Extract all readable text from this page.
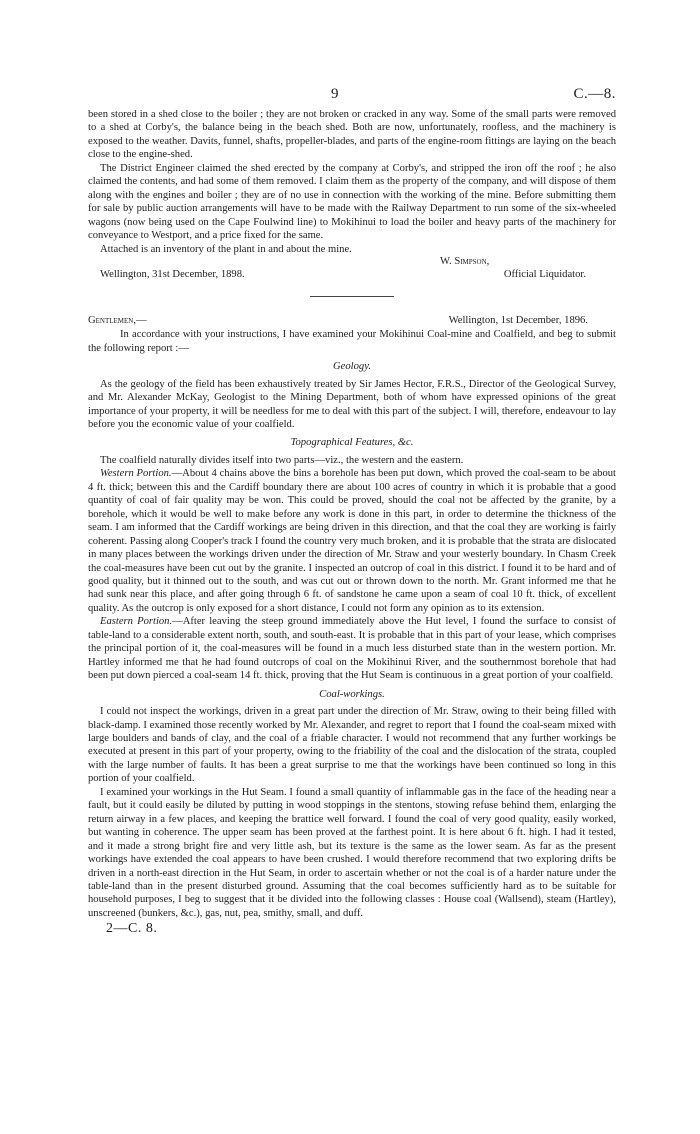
9	C.—8.

been stored in a shed close to the boiler ; they are not broken or cracked in any way. Some of the small parts were removed to a shed at Corby's, the balance being in the beach shed. Both are now, unfortunately, roofless, and the machinery is exposed to the weather. Davits, funnel, shafts, propeller-blades, and parts of the engine-room fittings are laying on the beach close to the engine-shed.

The District Engineer claimed the shed erected by the company at Corby's, and stripped the iron off the roof ; he also claimed the contents, and had some of them removed. I claim them as the property of the company, and will dispose of them along with the engines and boiler ; they are of no use in connection with the working of the mine. Before submitting them for sale by public auction arrangements will have to be made with the Railway Department to run some of the six-wheeled wagons (now being used on the Cape Foulwind line) to Mokihinui to load the boiler and heavy parts of the machinery for conveyance to Westport, and a price fixed for the same.

Attached is an inventory of the plant in and about the mine.

W. Simpson,
Wellington, 31st December, 1898.	Official Liquidator.
Gentlemen,—	Wellington, 1st December, 1896.

In accordance with your instructions, I have examined your Mokihinui Coal-mine and Coalfield, and beg to submit the following report :—

Geology.

As the geology of the field has been exhaustively treated by Sir James Hector, F.R.S., Director of the Geological Survey, and Mr. Alexander McKay, Geologist to the Mining Department, both of whom have expressed opinions of the great importance of your property, it will be needless for me to deal with this part of the subject. I will, therefore, endeavour to lay before you the economic value of your coalfield.

Topographical Features, &c.

The coalfield naturally divides itself into two parts—viz., the western and the eastern.

Western Portion.—About 4 chains above the bins a borehole has been put down, which proved the coal-seam to be about 4 ft. thick; between this and the Cardiff boundary there are about 100 acres of country in which it is probable that a good quantity of coal of fair quality may be won. This could be proved, should the coal not be affected by the granite, by a borehole, which it would be well to make before any work is done in this part, in order to determine the thickness of the seam. I am informed that the Cardiff workings are being driven in this direction, and that the coal they are working is fairly coherent. Passing along Cooper's track I found the country very much broken, and it is probable that the strata are dislocated in many places between the workings driven under the direction of Mr. Straw and your westerly boundary. In Chasm Creek the coal-measures have been cut out by the granite. I inspected an outcrop of coal in this district. I found it to be hard and of good quality, but it thinned out to the south, and was cut out or thrown down to the north. Mr. Grant informed me that he had sunk near this place, and after going through 6 ft. of sandstone he came upon a seam of coal 10 ft. thick, of excellent quality. As the outcrop is only exposed for a short distance, I could not form any opinion as to its extension.

Eastern Portion.—After leaving the steep ground immediately above the Hut level, I found the surface to consist of table-land to a considerable extent north, south, and south-east. It is probable that in this part of your lease, which comprises the principal portion of it, the coal-measures will be found in a much less disturbed state than in the western portion. Mr. Hartley informed me that he had found outcrops of coal on the Mokihinui River, and the southernmost borehole that had been put down pierced a coal-seam 14 ft. thick, proving that the Hut Seam is continuous in a great portion of your coalfield.

Coal-workings.

I could not inspect the workings, driven in a great part under the direction of Mr. Straw, owing to their being filled with black-damp. I examined those recently worked by Mr. Alexander, and regret to report that I found the coal-seam mixed with large boulders and bands of clay, and the coal of a friable character. I would not recommend that any further workings be executed at present in this part of your property, owing to the friability of the coal and the dislocation of the strata, coupled with the large number of faults. It has been a great surprise to me that the workings have been continued so long in this portion of your coalfield.

I examined your workings in the Hut Seam. I found a small quantity of inflammable gas in the face of the heading near a fault, but it could easily be diluted by putting in wood stoppings in the stentons, stowing refuse behind them, enlarging the return airway in a few places, and keeping the brattice well forward. I found the coal of very good quality, easily worked, but wanting in coherence. The upper seam has been proved at the farthest point. It is here about 6 ft. high. I had it tested, and it made a strong bright fire and very little ash, but its texture is the same as the lower seam. As far as the present workings have extended the coal appears to have been crushed. I would therefore recommend that two exploring drifts be driven in a north-east direction in the Hut Seam, in order to ascertain whether or not the coal is of a harder nature under the table-land than in the present disturbed ground. Assuming that the coal becomes sufficiently hard as to be suitable for household purposes, I beg to suggest that it be divided into the following classes : House coal (Wallsend), steam (Hartley), unscreened (bunkers, &c.), gas, nut, pea, smithy, small, and duff.

2—C. 8.
